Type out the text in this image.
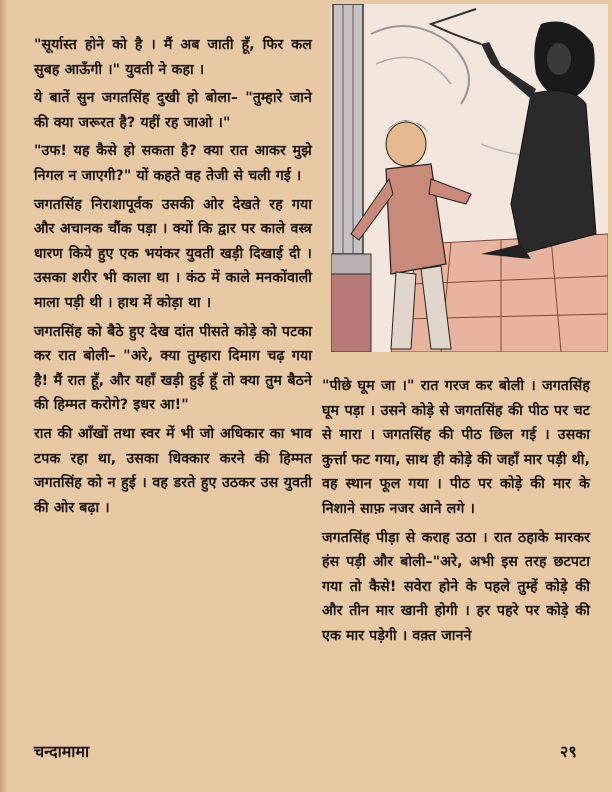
"सूर्यास्त होने को है । मैं अब जाती हूँ, फिर कल सुबह आऊँगी ।" युवती ने कहा ।

ये बातें सुन जगतसिंह दुखी हो बोला– "तुम्हारे जाने की क्या जरूरत है? यहीं रह जाओ ।"

"उफ! यह कैसे हो सकता है? क्या रात आकर मुझे निगल न जाएगी?" यों कहते वह तेजी से चली गई ।

जगतसिंह निराशापूर्वक उसकी ओर देखते रह गया और अचानक चौंक पड़ा । क्यों कि द्वार पर काले वस्त्र धारण किये हुए एक भयंकर युवती खड़ी दिखाई दी । उसका शरीर भी काला था । कंठ में काले मनकोंवाली माला पड़ी थी । हाथ में कोड़ा था ।

जगतसिंह को बैठे हुए देख दांत पीसते कोड़े को पटका कर रात बोली– "अरे, क्या तुम्हारा दिमाग चढ़ गया है! मैं रात हूँ, और यहाँ खड़ी हुई हूँ तो क्या तुम बैठने की हिम्मत करोगे? इधर आ!"

रात की आँखों तथा स्वर में भी जो अधिकार का भाव टपक रहा था, उसका धिक्कार करने की हिम्मत जगतसिंह को न हुई । वह डरते हुए उठकर उस युवती की ओर बढ़ा ।

"पीछे घूम जा ।" रात गरज कर बोली । जगतसिंह घूम पड़ा । उसने कोड़े से जगतसिंह की पीठ पर चट से मारा । जगतसिंह की पीठ छिल गई । उसका कुर्त्ता फट गया, साथ ही कोड़े की जहाँ मार पड़ी थी, वह स्थान फूल गया । पीठ पर कोड़े की मार के निशाने साफ़ नजर आने लगे ।

जगतसिंह पीड़ा से कराह उठा । रात ठहाके मारकर हंस पड़ी और बोली–"अरे, अभी इस तरह छटपटा गया तो कैसे! सवेरा होने के पहले तुम्हें कोड़े की और तीन मार खानी होगी । हर पहरे पर कोड़े की एक मार पड़ेगी । वक़्त जानने

चन्दामामा	२९
